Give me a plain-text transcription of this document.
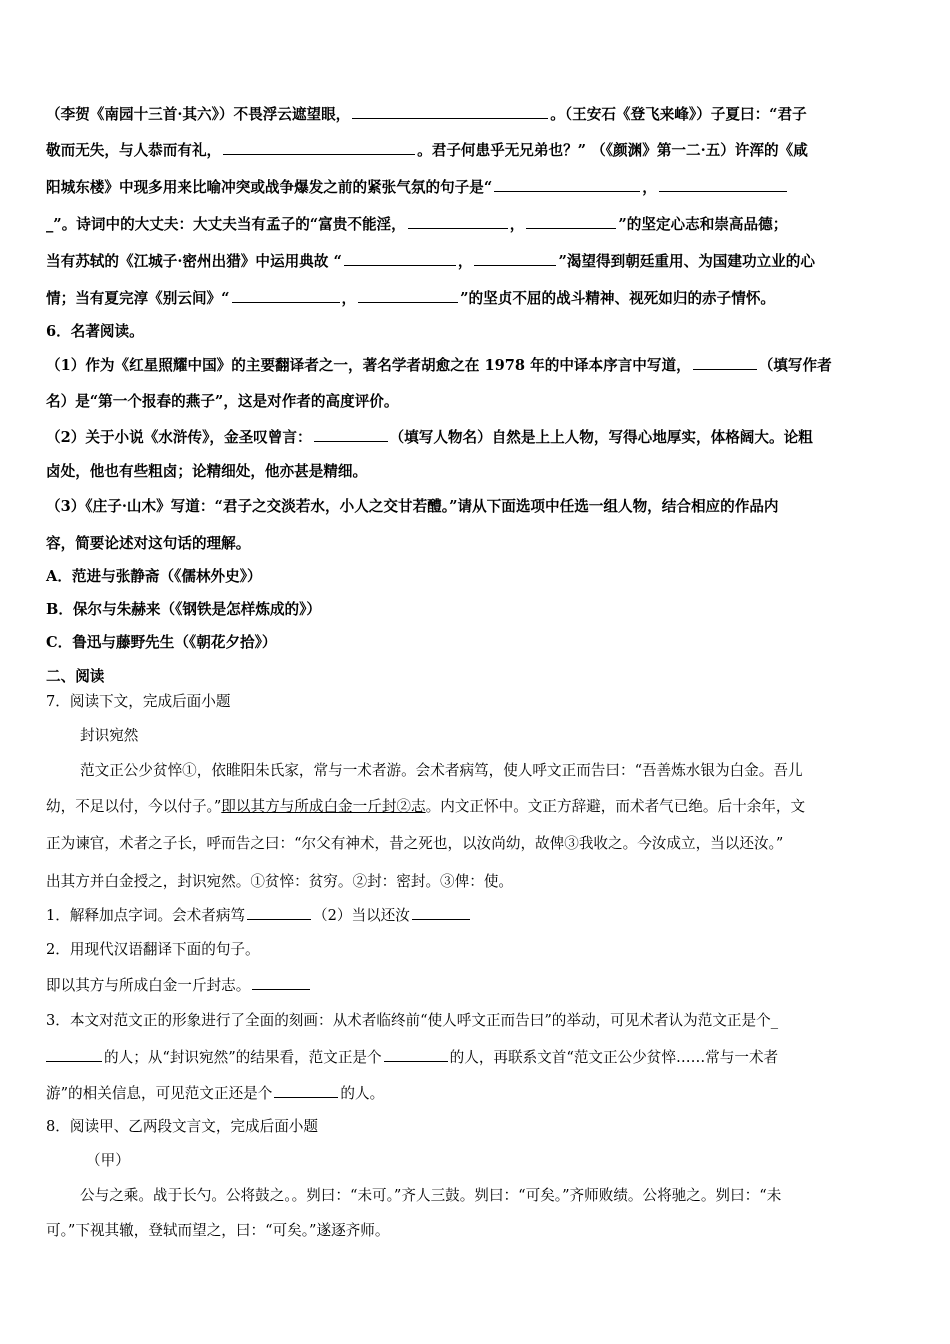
（李贺《南园十三首·其六》）不畏浮云遮望眼，	。（王安石《登飞来峰》）子夏曰：“君子
敬而无失，与人恭而有礼，	。君子何患乎无兄弟也？” （《颜渊》第一二·五）许浑的《咸
阳城东楼》中现多用来比喻冲突或战争爆发之前的紧张气氛的句子是“	，
_”。诗词中的大丈夫：大丈夫当有孟子的“富贵不能淫，	，	”的坚定心志和崇高品德；
当有苏轼的《江城子·密州出猎》中运用典故 “	，	”渴望得到朝廷重用、为国建功立业的心
情；当有夏完淳《别云间》“	，	”的坚贞不屈的战斗精神、视死如归的赤子情怀。
6．名著阅读。
（1）作为《红星照耀中国》的主要翻译者之一，著名学者胡愈之在 1978 年的中译本序言中写道，	（填写作者
名）是“第一个报春的燕子”，这是对作者的高度评价。
（2）关于小说《水浒传》，金圣叹曾言：	（填写人物名）自然是上上人物，写得心地厚实，体格阔大。论粗
卤处，他也有些粗卤；论精细处，他亦甚是精细。
（3）《庄子·山木》写道：“君子之交淡若水，小人之交甘若醴。”请从下面选项中任选一组人物，结合相应的作品内
容，简要论述对这句话的理解。
A．范进与张静斋（《儒林外史》）
B．保尔与朱赫来（《钢铁是怎样炼成的》）
C．鲁迅与藤野先生（《朝花夕拾》）
二、阅读
7．阅读下文，完成后面小题
封识宛然
范文正公少贫悴①，依睢阳朱氏家，常与一术者游。会术者病笃，使人呼文正而告曰：“吾善炼水银为白金。吾儿
幼，不足以付，今以付子。”即以其方与所成白金一斤封②志。内文正怀中。文正方辞避，而术者气已绝。后十余年，文
正为谏官，术者之子长，呼而告之曰：“尔父有神术，昔之死也，以汝尚幼，故俾③我收之。今汝成立，当以还汝。”
出其方并白金授之，封识宛然。①贫悴：贫穷。②封：密封。③俾：使。
1．解释加点字词。会术者病笃	（2）当以还汝
2．用现代汉语翻译下面的句子。
即以其方与所成白金一斤封志。
3．本文对范文正的形象进行了全面的刻画：从术者临终前“使人呼文正而告曰”的举动，可见术者认为范文正是个_
的人；从“封识宛然”的结果看，范文正是个	的人，再联系文首“范文正公少贫悴……常与一术者
游”的相关信息，可见范文正还是个	的人。
8．阅读甲、乙两段文言文，完成后面小题
（甲）
公与之乘。战于长勺。公将鼓之。。刿曰：“未可。”齐人三鼓。刿曰：“可矣。”齐师败绩。公将驰之。刿曰：“未
可。”下视其辙，登轼而望之，曰：“可矣。”遂逐齐师。
